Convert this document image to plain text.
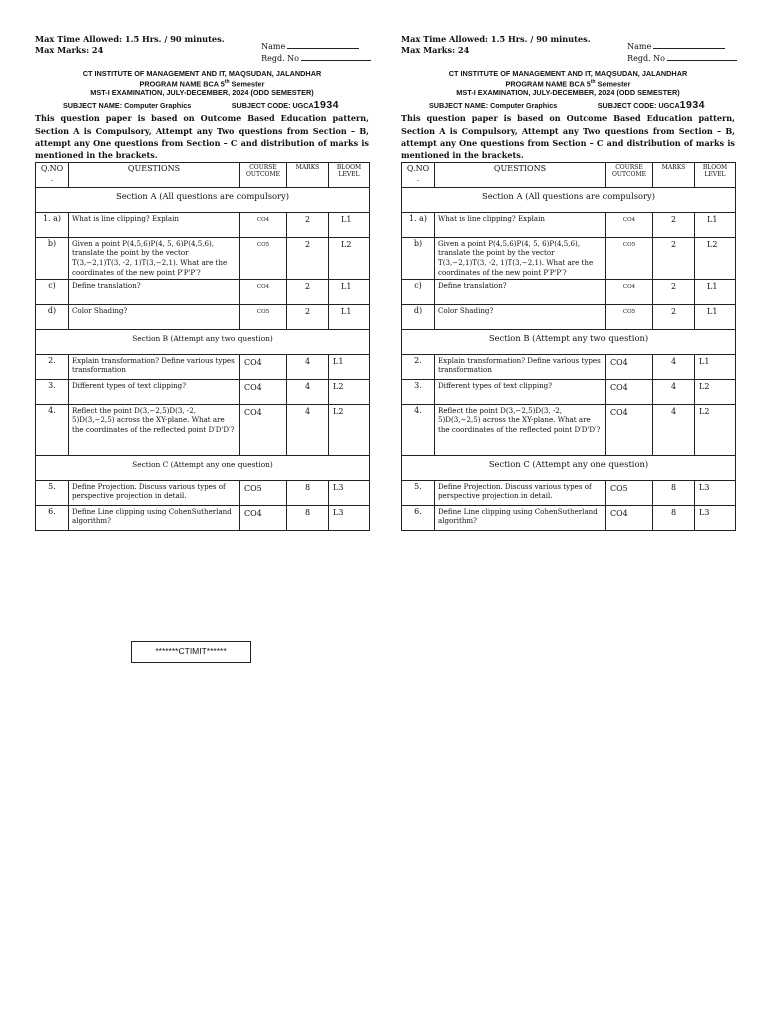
Max Time Allowed: 1.5 Hrs. / 90 minutes.
Max Marks: 24	Name
Regd. No
CT INSTITUTE OF MANAGEMENT AND IT, MAQSUDAN, JALANDHAR
PROGRAM NAME BCA 5th Semester
MST-I EXAMINATION, JULY-DECEMBER, 2024 (ODD SEMESTER)
SUBJECT NAME: Computer Graphics	SUBJECT CODE: UGCA1934
This question paper is based on Outcome Based Education pattern, Section A is Compulsory, Attempt any Two questions from Section – B, attempt any One questions from Section – C and distribution of marks is mentioned in the brackets.
Q.NO .	QUESTIONS	COURSE OUTCOME	MARKS	BLOOM LEVEL
Section A (All questions are compulsory)				
1. a)	What is line clipping? Explain	CO4	2	L1
b)	Given a point P(4,5,6)P(4, 5, 6)P(4,5,6), translate the point by the vector T(3,−2,1)T(3, -2, 1)T(3,−2,1). What are the coordinates of the new point P′P'P′?	CO5	2	L2
c)	Define translation?	CO4	2	L1
d)	Color Shading?	CO5	2	L1
Section B (Attempt any two question)				
2.	Explain transformation? Define various types transformation	CO4	4	L1
3.	Different types of text clipping?	CO4	4	L2
4.	Reflect the point D(3,−2,5)D(3, -2, 5)D(3,−2,5) across the XY-plane. What are the coordinates of the reflected point D′D'D′?	CO4	4	L2
Section C (Attempt any one question)				
5.	Define Projection. Discuss various types of perspective projection in detail.	CO5	8	L3
6.	Define Line clipping using CohenSutherland algorithm?	CO4	8	L3
Max Time Allowed: 1.5 Hrs. / 90 minutes.
Max Marks: 24	Name
Regd. No
CT INSTITUTE OF MANAGEMENT AND IT, MAQSUDAN, JALANDHAR
PROGRAM NAME BCA 5th Semester
MST-I EXAMINATION, JULY-DECEMBER, 2024 (ODD SEMESTER)
SUBJECT NAME: Computer Graphics	SUBJECT CODE: UGCA1934
This question paper is based on Outcome Based Education pattern, Section A is Compulsory, Attempt any Two questions from Section – B, attempt any One questions from Section – C and distribution of marks is mentioned in the brackets.
Q.NO .	QUESTIONS	COURSE OUTCOME	MARKS	BLOOM LEVEL
Section A (All questions are compulsory)				
1. a)	What is line clipping? Explain	CO4	2	L1
b)	Given a point P(4,5,6)P(4, 5, 6)P(4,5,6), translate the point by the vector T(3,−2,1)T(3, -2, 1)T(3,−2,1). What are the coordinates of the new point P′P'P′?	CO5	2	L2
c)	Define translation?	CO4	2	L1
d)	Color Shading?	CO5	2	L1
Section B (Attempt any two question)				
2.	Explain transformation? Define various types transformation	CO4	4	L1
3.	Different types of text clipping?	CO4	4	L2
4.	Reflect the point D(3,−2,5)D(3, -2, 5)D(3,−2,5) across the XY-plane. What are the coordinates of the reflected point D′D'D′?	CO4	4	L2
Section C (Attempt any one question)				
5.	Define Projection. Discuss various types of perspective projection in detail.	CO5	8	L3
6.	Define Line clipping using CohenSutherland algorithm?	CO4	8	L3
*******CTIMIT******
